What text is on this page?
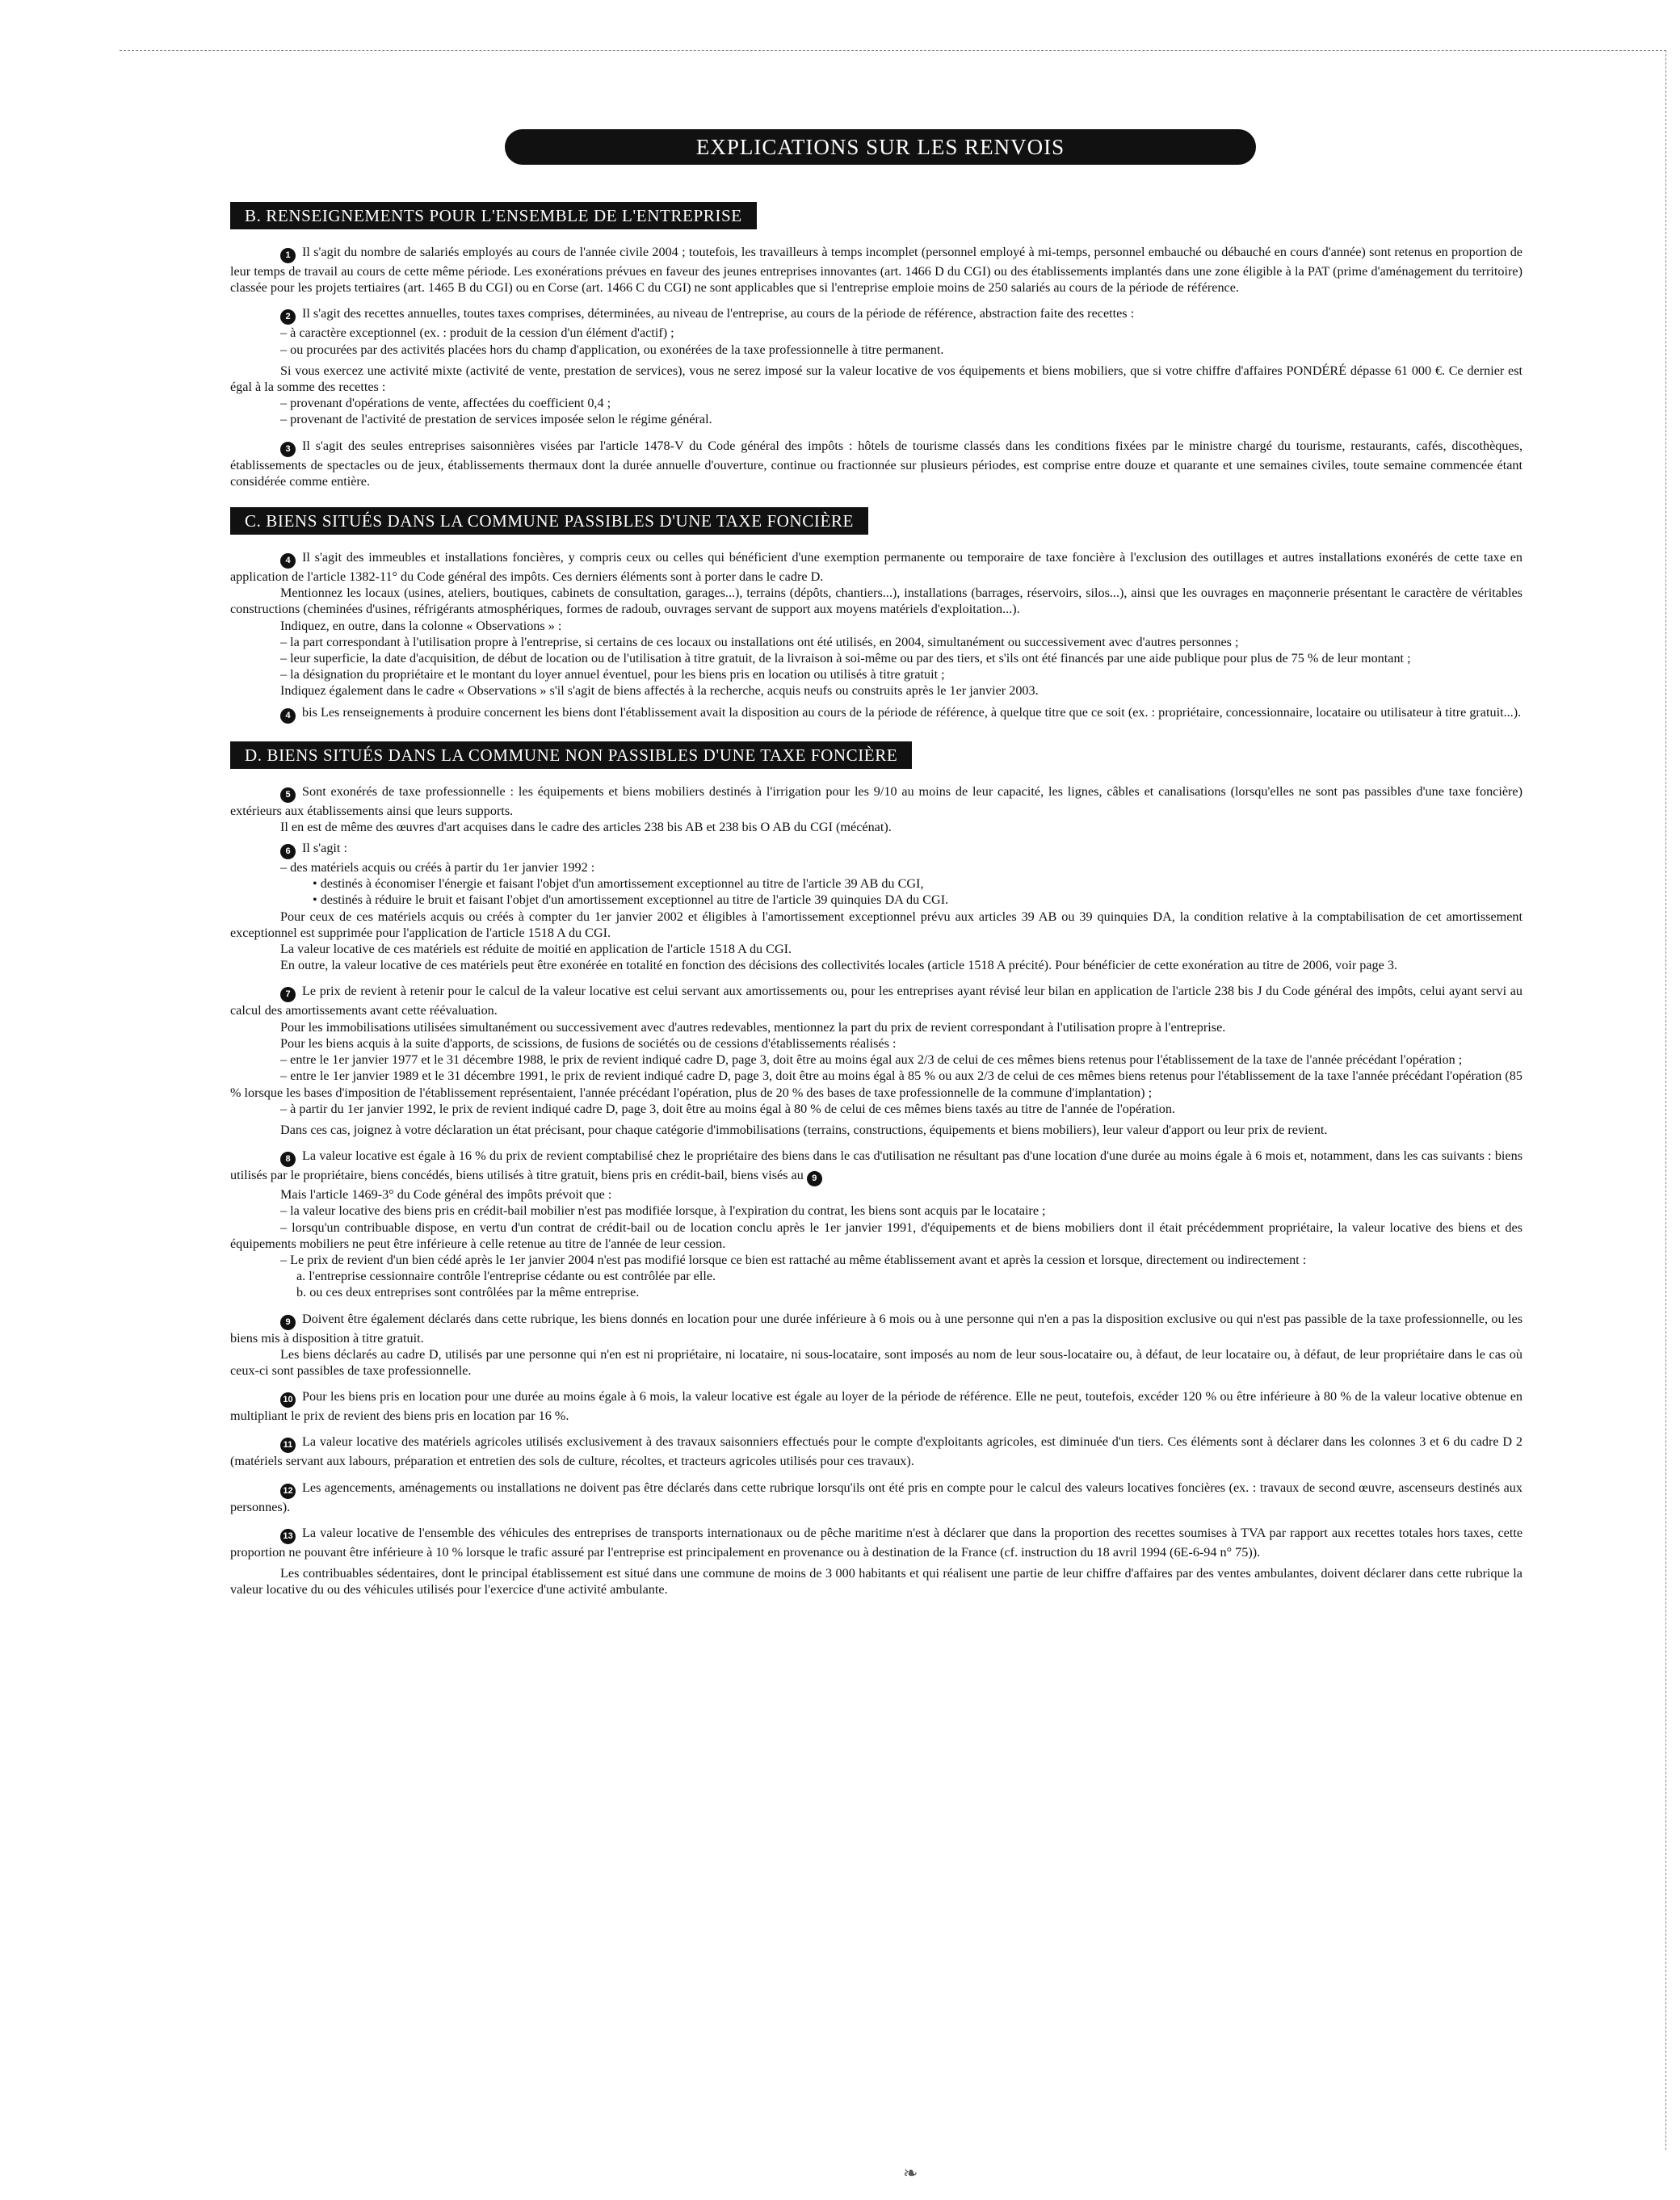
EXPLICATIONS SUR LES RENVOIS
B. RENSEIGNEMENTS POUR L'ENSEMBLE DE L'ENTREPRISE

1 Il s'agit du nombre de salariés employés au cours de l'année civile 2004 ; toutefois, les travailleurs à temps incomplet (personnel employé à mi-temps, personnel embauché ou débauché en cours d'année) sont retenus en proportion de leur temps de travail au cours de cette même période. Les exonérations prévues en faveur des jeunes entreprises innovantes (art. 1466 D du CGI) ou des établissements implantés dans une zone éligible à la PAT (prime d'aménagement du territoire) classée pour les projets tertiaires (art. 1465 B du CGI) ou en Corse (art. 1466 C du CGI) ne sont applicables que si l'entreprise emploie moins de 250 salariés au cours de la période de référence.

2 Il s'agit des recettes annuelles, toutes taxes comprises, déterminées, au niveau de l'entreprise, au cours de la période de référence, abstraction faite des recettes :

– à caractère exceptionnel (ex. : produit de la cession d'un élément d'actif) ;

– ou procurées par des activités placées hors du champ d'application, ou exonérées de la taxe professionnelle à titre permanent.

Si vous exercez une activité mixte (activité de vente, prestation de services), vous ne serez imposé sur la valeur locative de vos équipements et biens mobiliers, que si votre chiffre d'affaires PONDÉRÉ dépasse 61 000 €. Ce dernier est égal à la somme des recettes :

– provenant d'opérations de vente, affectées du coefficient 0,4 ;

– provenant de l'activité de prestation de services imposée selon le régime général.

3 Il s'agit des seules entreprises saisonnières visées par l'article 1478-V du Code général des impôts : hôtels de tourisme classés dans les conditions fixées par le ministre chargé du tourisme, restaurants, cafés, discothèques, établissements de spectacles ou de jeux, établissements thermaux dont la durée annuelle d'ouverture, continue ou fractionnée sur plusieurs périodes, est comprise entre douze et quarante et une semaines civiles, toute semaine commencée étant considérée comme entière.

C. BIENS SITUÉS DANS LA COMMUNE PASSIBLES D'UNE TAXE FONCIÈRE

4 Il s'agit des immeubles et installations foncières, y compris ceux ou celles qui bénéficient d'une exemption permanente ou temporaire de taxe foncière à l'exclusion des outillages et autres installations exonérés de cette taxe en application de l'article 1382-11° du Code général des impôts. Ces derniers éléments sont à porter dans le cadre D.

Mentionnez les locaux (usines, ateliers, boutiques, cabinets de consultation, garages...), terrains (dépôts, chantiers...), installations (barrages, réservoirs, silos...), ainsi que les ouvrages en maçonnerie présentant le caractère de véritables constructions (cheminées d'usines, réfrigérants atmosphériques, formes de radoub, ouvrages servant de support aux moyens matériels d'exploitation...).

Indiquez, en outre, dans la colonne « Observations » :

– la part correspondant à l'utilisation propre à l'entreprise, si certains de ces locaux ou installations ont été utilisés, en 2004, simultanément ou successivement avec d'autres personnes ;

– leur superficie, la date d'acquisition, de début de location ou de l'utilisation à titre gratuit, de la livraison à soi-même ou par des tiers, et s'ils ont été financés par une aide publique pour plus de 75 % de leur montant ;

– la désignation du propriétaire et le montant du loyer annuel éventuel, pour les biens pris en location ou utilisés à titre gratuit ;

Indiquez également dans le cadre « Observations » s'il s'agit de biens affectés à la recherche, acquis neufs ou construits après le 1er janvier 2003.

4 bis Les renseignements à produire concernent les biens dont l'établissement avait la disposition au cours de la période de référence, à quelque titre que ce soit (ex. : propriétaire, concessionnaire, locataire ou utilisateur à titre gratuit...).

D. BIENS SITUÉS DANS LA COMMUNE NON PASSIBLES D'UNE TAXE FONCIÈRE

5 Sont exonérés de taxe professionnelle : les équipements et biens mobiliers destinés à l'irrigation pour les 9/10 au moins de leur capacité, les lignes, câbles et canalisations (lorsqu'elles ne sont pas passibles d'une taxe foncière) extérieurs aux établissements ainsi que leurs supports.

Il en est de même des œuvres d'art acquises dans le cadre des articles 238 bis AB et 238 bis O AB du CGI (mécénat).

6 Il s'agit :

– des matériels acquis ou créés à partir du 1er janvier 1992 :

• destinés à économiser l'énergie et faisant l'objet d'un amortissement exceptionnel au titre de l'article 39 AB du CGI,

• destinés à réduire le bruit et faisant l'objet d'un amortissement exceptionnel au titre de l'article 39 quinquies DA du CGI.

Pour ceux de ces matériels acquis ou créés à compter du 1er janvier 2002 et éligibles à l'amortissement exceptionnel prévu aux articles 39 AB ou 39 quinquies DA, la condition relative à la comptabilisation de cet amortissement exceptionnel est supprimée pour l'application de l'article 1518 A du CGI.

La valeur locative de ces matériels est réduite de moitié en application de l'article 1518 A du CGI.

En outre, la valeur locative de ces matériels peut être exonérée en totalité en fonction des décisions des collectivités locales (article 1518 A précité). Pour bénéficier de cette exonération au titre de 2006, voir page 3.

7 Le prix de revient à retenir pour le calcul de la valeur locative est celui servant aux amortissements ou, pour les entreprises ayant révisé leur bilan en application de l'article 238 bis J du Code général des impôts, celui ayant servi au calcul des amortissements avant cette réévaluation.

Pour les immobilisations utilisées simultanément ou successivement avec d'autres redevables, mentionnez la part du prix de revient correspondant à l'utilisation propre à l'entreprise.

Pour les biens acquis à la suite d'apports, de scissions, de fusions de sociétés ou de cessions d'établissements réalisés :

– entre le 1er janvier 1977 et le 31 décembre 1988, le prix de revient indiqué cadre D, page 3, doit être au moins égal aux 2/3 de celui de ces mêmes biens retenus pour l'établissement de la taxe de l'année précédant l'opération ;

– entre le 1er janvier 1989 et le 31 décembre 1991, le prix de revient indiqué cadre D, page 3, doit être au moins égal à 85 % ou aux 2/3 de celui de ces mêmes biens retenus pour l'établissement de la taxe l'année précédant l'opération (85 % lorsque les bases d'imposition de l'établissement représentaient, l'année précédant l'opération, plus de 20 % des bases de taxe professionnelle de la commune d'implantation) ;

– à partir du 1er janvier 1992, le prix de revient indiqué cadre D, page 3, doit être au moins égal à 80 % de celui de ces mêmes biens taxés au titre de l'année de l'opération.

Dans ces cas, joignez à votre déclaration un état précisant, pour chaque catégorie d'immobilisations (terrains, constructions, équipements et biens mobiliers), leur valeur d'apport ou leur prix de revient.

8 La valeur locative est égale à 16 % du prix de revient comptabilisé chez le propriétaire des biens dans le cas d'utilisation ne résultant pas d'une location d'une durée au moins égale à 6 mois et, notamment, dans les cas suivants : biens utilisés par le propriétaire, biens concédés, biens utilisés à titre gratuit, biens pris en crédit-bail, biens visés au 9

Mais l'article 1469-3° du Code général des impôts prévoit que :

– la valeur locative des biens pris en crédit-bail mobilier n'est pas modifiée lorsque, à l'expiration du contrat, les biens sont acquis par le locataire ;

– lorsqu'un contribuable dispose, en vertu d'un contrat de crédit-bail ou de location conclu après le 1er janvier 1991, d'équipements et de biens mobiliers dont il était précédemment propriétaire, la valeur locative des biens et des équipements mobiliers ne peut être inférieure à celle retenue au titre de l'année de leur cession.

– Le prix de revient d'un bien cédé après le 1er janvier 2004 n'est pas modifié lorsque ce bien est rattaché au même établissement avant et après la cession et lorsque, directement ou indirectement :

a. l'entreprise cessionnaire contrôle l'entreprise cédante ou est contrôlée par elle.

b. ou ces deux entreprises sont contrôlées par la même entreprise.

9 Doivent être également déclarés dans cette rubrique, les biens donnés en location pour une durée inférieure à 6 mois ou à une personne qui n'en a pas la disposition exclusive ou qui n'est pas passible de la taxe professionnelle, ou les biens mis à disposition à titre gratuit.

Les biens déclarés au cadre D, utilisés par une personne qui n'en est ni propriétaire, ni locataire, ni sous-locataire, sont imposés au nom de leur sous-locataire ou, à défaut, de leur locataire ou, à défaut, de leur propriétaire dans le cas où ceux-ci sont passibles de taxe professionnelle.

10 Pour les biens pris en location pour une durée au moins égale à 6 mois, la valeur locative est égale au loyer de la période de référence. Elle ne peut, toutefois, excéder 120 % ou être inférieure à 80 % de la valeur locative obtenue en multipliant le prix de revient des biens pris en location par 16 %.

11 La valeur locative des matériels agricoles utilisés exclusivement à des travaux saisonniers effectués pour le compte d'exploitants agricoles, est diminuée d'un tiers. Ces éléments sont à déclarer dans les colonnes 3 et 6 du cadre D 2 (matériels servant aux labours, préparation et entretien des sols de culture, récoltes, et tracteurs agricoles utilisés pour ces travaux).

12 Les agencements, aménagements ou installations ne doivent pas être déclarés dans cette rubrique lorsqu'ils ont été pris en compte pour le calcul des valeurs locatives foncières (ex. : travaux de second œuvre, ascenseurs destinés aux personnes).

13 La valeur locative de l'ensemble des véhicules des entreprises de transports internationaux ou de pêche maritime n'est à déclarer que dans la proportion des recettes soumises à TVA par rapport aux recettes totales hors taxes, cette proportion ne pouvant être inférieure à 10 % lorsque le trafic assuré par l'entreprise est principalement en provenance ou à destination de la France (cf. instruction du 18 avril 1994 (6E-6-94 n° 75)).

Les contribuables sédentaires, dont le principal établissement est situé dans une commune de moins de 3 000 habitants et qui réalisent une partie de leur chiffre d'affaires par des ventes ambulantes, doivent déclarer dans cette rubrique la valeur locative du ou des véhicules utilisés pour l'exercice d'une activité ambulante.

❧
